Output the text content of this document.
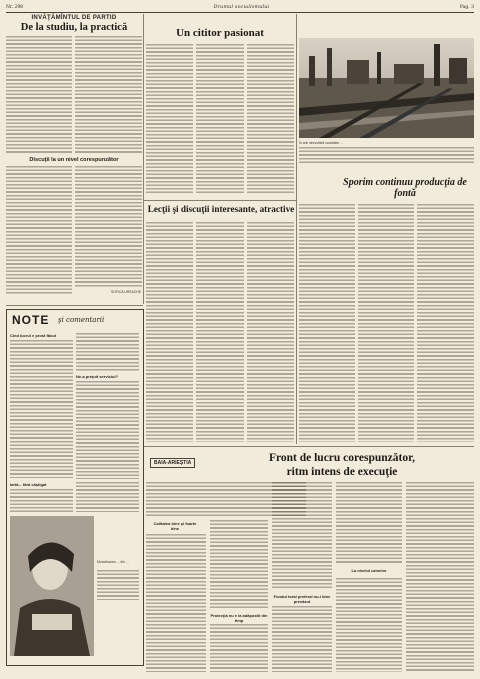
Nr. 298	Drumul socialismului	Pag. 3
INVĂŢĂMÎNTUL DE PARTID
De la studiu, la practică
Discuţii la un nivel corespunzător
SOFICA URSACHE
Un cititor pasionat
Lecţii şi discuţii interesante, atractive
În anii dezvoltării socialiste ...
Sporim continuu producţia de fontă
NOTE şi comentarii
Cînd lucrul e prost făcut
Ne-a preţuit serviciul?
Iartă... fără câştigat
Muncitoarea ... din ...
BAIA-ARIEŞTIA	Front de lucru corespunzător,
ritm intens de execuţie
Calitatea bine şi foarte bine
Protecţia nu e la adăpostit din timp
Fondul toral preferal nu-i bine prevăzut
La nivelul uzinelor
